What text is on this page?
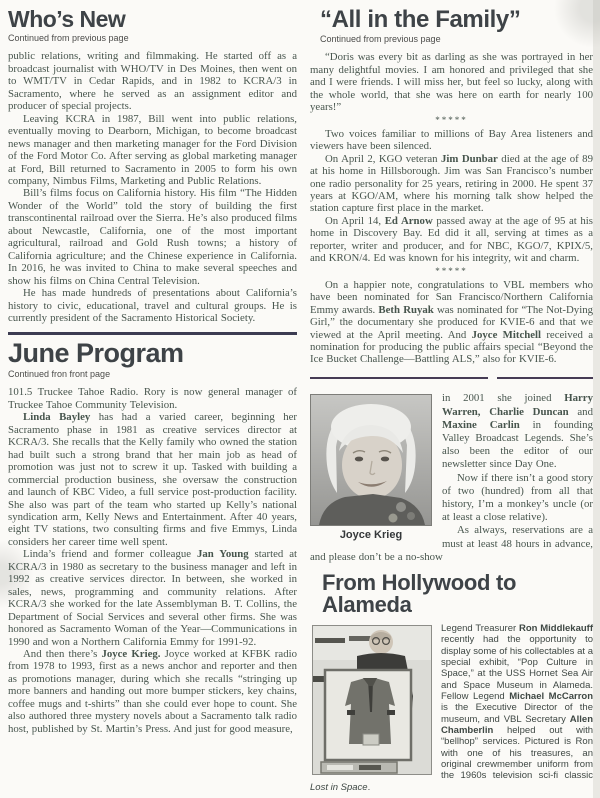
Who’s New
Continued from previous page

public relations, writing and filmmaking. He started off as a broadcast journalist with WHO/TV in Des Moines, then went on to WMT/TV in Cedar Rapids, and in 1982 to KCRA/3 in Sacramento, where he served as an assignment editor and producer of special projects.

Leaving KCRA in 1987, Bill went into public relations, eventually moving to Dearborn, Michigan, to become broadcast news manager and then marketing manager for the Ford Division of the Ford Motor Co. After serving as global marketing manager at Ford, Bill returned to Sacramento in 2005 to form his own company, Nimbus Films, Marketing and Public Relations.

Bill’s films focus on California history. His film “The Hidden Wonder of the World” told the story of building the first transcontinental railroad over the Sierra. He’s also produced films about Newcastle, California, one of the most important agricultural, railroad and Gold Rush towns; a history of California agriculture; and the Chinese experience in California. In 2016, he was invited to China to make several speeches and show his films on China Central Television.

He has made hundreds of presentations about California’s history to civic, educational, travel and cultural groups. He is currently president of the Sacramento Historical Society.

June Program
Continued fron front page

101.5 Truckee Tahoe Radio. Rory is now general manager of Truckee Tahoe Community Television.

Linda Bayley has had a varied career, beginning her Sacramento phase in 1981 as creative services director at KCRA/3. She recalls that the Kelly family who owned the station had built such a strong brand that her main job as head of promotion was just not to screw it up. Tasked with building a commercial production business, she oversaw the construction and launch of KBC Video, a full service post-production facility. She also was part of the team who started up Kelly’s national syndication arm, Kelly News and Entertainment. After 40 years, eight TV stations, two consulting firms and five Emmys, Linda considers her career time well spent.

Linda’s friend and former colleague Jan Young started at KCRA/3 in 1980 as secretary to the business manager and left in 1992 as creative services director. In between, she worked in sales, news, programming and community relations. After KCRA/3 she worked for the late Assemblyman B. T. Collins, the Department of Social Services and several other firms. She was honored as Sacramento Woman of the Year—Communications in 1990 and won a Northern California Emmy for 1991-92.

And then there’s Joyce Krieg. Joyce worked at KFBK radio from 1978 to 1993, first as a news anchor and reporter and then as promotions manager, during which she recalls “stringing up more banners and handing out more bumper stickers, key chains, coffee mugs and t-shirts” than she could ever hope to count. She also authored three mystery novels about a Sacramento talk radio host, published by St. Martin’s Press. And just for good measure,

“All in the Family”
Continued from previous page

“Doris was every bit as darling as she was portrayed in her many delightful movies. I am honored and privileged that she and I were friends. I will miss her, but feel so lucky, along with the whole world, that she was here on earth for nearly 100 years!”

*****

Two voices familiar to millions of Bay Area listeners and viewers have been silenced.

On April 2, KGO veteran Jim Dunbar died at the age of 89 at his home in Hillsborough. Jim was San Francisco’s number one radio personality for 25 years, retiring in 2000. He spent 37 years at KGO/AM, where his morning talk show helped the station capture first place in the market.

On April 14, Ed Arnow passed away at the age of 95 at his home in Discovery Bay. Ed did it all, serving at times as a reporter, writer and producer, and for NBC, KGO/7, KPIX/5, and KRON/4. Ed was known for his integrity, wit and charm.

*****

On a happier note, congratulations to VBL members who have been nominated for San Francisco/Northern California Emmy awards. Beth Ruyak was nominated for “The Not-Dying Girl,” the documentary she produced for KVIE-6 and that we viewed at the April meeting. And Joyce Mitchell received a nomination for producing the public affairs special “Beyond the Ice Bucket Challenge—Battling ALS,” also for KVIE-6.

Joyce Krieg

in 2001 she joined Harry Warren, Charlie Duncan and Maxine Carlin in founding Valley Broadcast Legends. She’s also been the editor of our newsletter since Day One.

Now if there isn’t a good story of two (hundred) from all that history, I’m a monkey’s uncle (or at least a close relative).

As always, reservations are a must at least 48 hours in advance, and please don’t be a no-show

From Hollywood to Alameda

Legend Treasurer Ron Middlekauff recently had the opportunity to display some of his collectables at a special exhibit, “Pop Culture in Space,” at the USS Hornet Sea Air and Space Museum in Alameda. Fellow Legend Michael McCarron is the Executive Director of the museum, and VBL Secretary Allen Chamberlin helped out with “bellhop” services. Pictured is Ron with one of his treasures, an original crewmember uniform from the 1960s television sci-fi classic Lost in Space.
